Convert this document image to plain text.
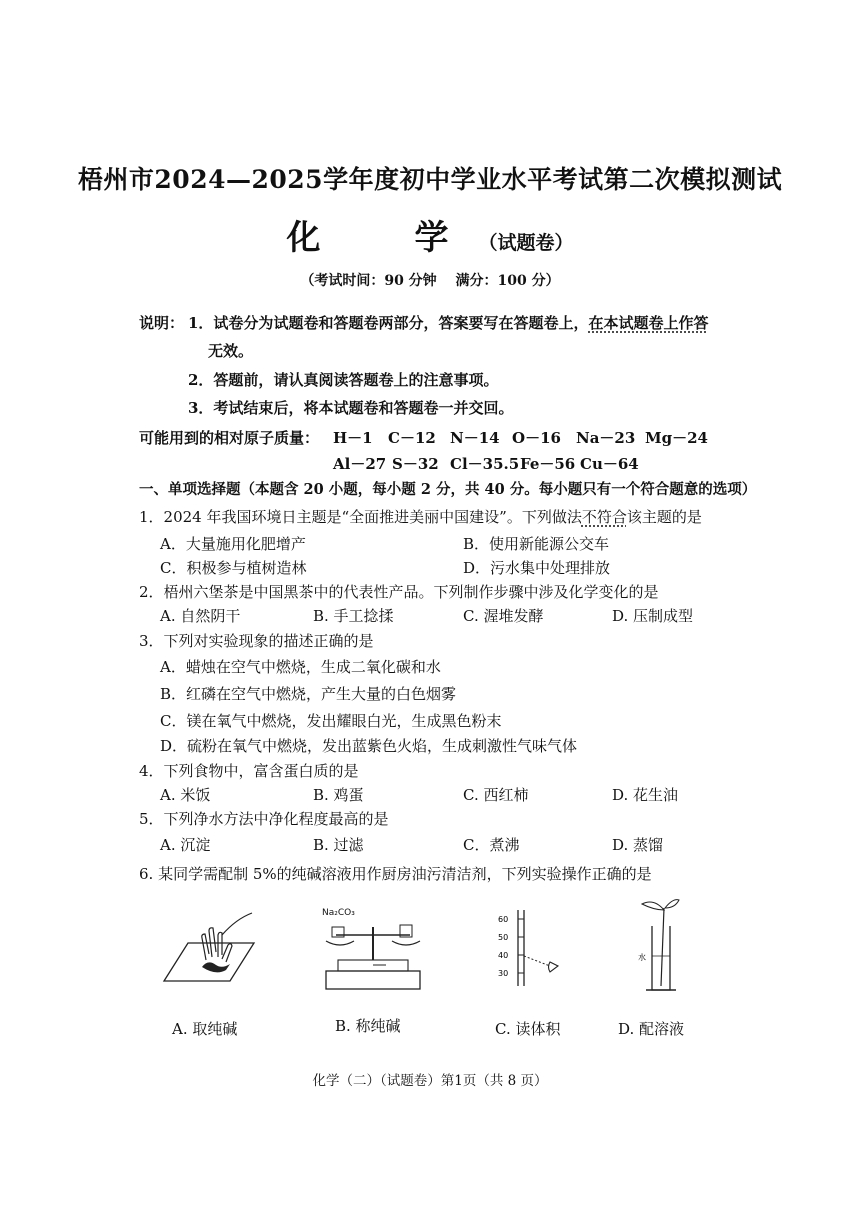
梧州市2024—2025学年度初中学业水平考试第二次模拟测试
化　学（试题卷）
（考试时间：90 分钟　 满分：100 分）
说明： 1．试卷分为试题卷和答题卷两部分，答案要写在答题卷上，在本试题卷上作答
无效。
2．答题前，请认真阅读答题卷上的注意事项。
3．考试结束后，将本试题卷和答题卷一并交回。
可能用到的相对原子质量： H－1 C－12 N－14 O－16 Na－23 Mg－24
Al－27 S－32 Cl－35.5 Fe－56 Cu－64
一、单项选择题（本题含 20 小题，每小题 2 分，共 40 分。每小题只有一个符合题意的选项）
1．2024 年我国环境日主题是“全面推进美丽中国建设”。下列做法不符合该主题的是
A．大量施用化肥增产	B．使用新能源公交车
C．积极参与植树造林	D．污水集中处理排放
2．梧州六堡茶是中国黑茶中的代表性产品。下列制作步骤中涉及化学变化的是
A. 自然阴干	B. 手工捻揉	C. 渥堆发酵	D. 压制成型
3．下列对实验现象的描述正确的是
A．蜡烛在空气中燃烧，生成二氧化碳和水
B．红磷在空气中燃烧，产生大量的白色烟雾
C．镁在氧气中燃烧，发出耀眼白光，生成黑色粉末
D．硫粉在氧气中燃烧，发出蓝紫色火焰，生成刺激性气味气体
4．下列食物中，富含蛋白质的是
A. 米饭	B. 鸡蛋	C. 西红柿	D. 花生油
5．下列净水方法中净化程度最高的是
A. 沉淀	B. 过滤	C．煮沸	D. 蒸馏
6. 某同学需配制 5%的纯碱溶液用作厨房油污清洁剂，下列实验操作正确的是
Na₂CO₃
60
50
40
30
水
A. 取纯碱	B. 称纯碱	C. 读体积	D. 配溶液
化学（二）（试题卷）第1页（共 8 页）
